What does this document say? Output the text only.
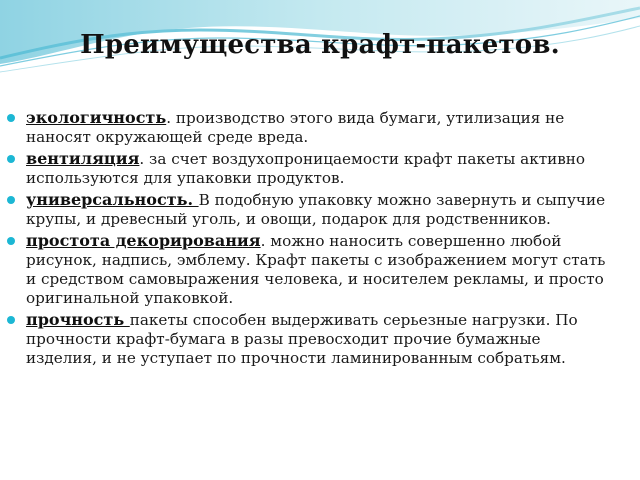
Преимущества крафт-пакетов.
экологичность. производство этого вида бумаги, утилизация не наносят окружающей среде вреда.
вентиляция. за счет воздухопроницаемости крафт пакеты активно используются для упаковки продуктов.
универсальность. В подобную упаковку можно завернуть и сыпучие крупы, и древесный уголь, и овощи, подарок для родственников.
простота декорирования. можно наносить совершенно любой рисунок, надпись, эмблему. Крафт пакеты с изображением могут стать и средством самовыражения человека, и носителем рекламы, и просто оригинальной упаковкой.
прочность пакеты способен выдерживать серьезные нагрузки. По прочности крафт-бумага в разы превосходит прочие бумажные изделия, и не уступает по прочности ламинированным собратьям.
